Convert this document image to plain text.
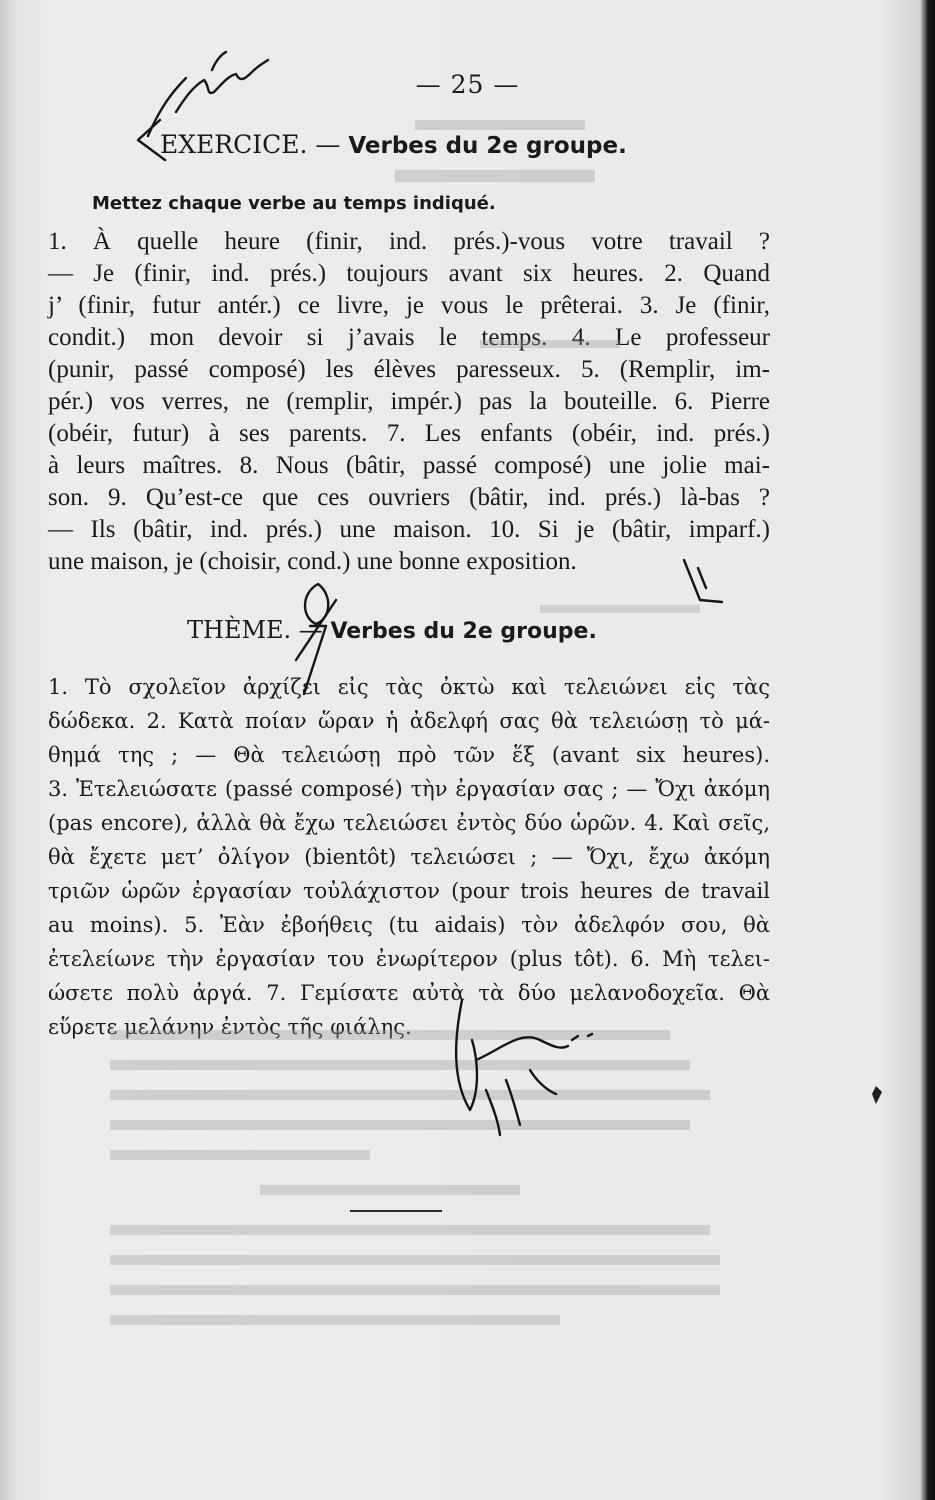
— 25 —
EXERCICE. — Verbes du 2e groupe.
Mettez chaque verbe au temps indiqué.
1. À quelle heure (finir, ind. prés.)-vous votre travail ?
— Je (finir, ind. prés.) toujours avant six heures. 2. Quand
j’ (finir, futur antér.) ce livre, je vous le prêterai. 3. Je (finir,
condit.) mon devoir si j’avais le temps. 4. Le professeur
(punir, passé composé) les élèves paresseux. 5. (Remplir, im-
pér.) vos verres, ne (remplir, impér.) pas la bouteille. 6. Pierre
(obéir, futur) à ses parents. 7. Les enfants (obéir, ind. prés.)
à leurs maîtres. 8. Nous (bâtir, passé composé) une jolie mai-
son. 9. Qu’est-ce que ces ouvriers (bâtir, ind. prés.) là-bas ?
— Ils (bâtir, ind. prés.) une maison. 10. Si je (bâtir, imparf.)
une maison, je (choisir, cond.) une bonne exposition.
THÈME. — Verbes du 2e groupe.
1. Τὸ σχολεῖον ἀρχίζει εἰς τὰς ὀκτὼ καὶ τελειώνει εἰς τὰς
δώδεκα. 2. Κατὰ ποίαν ὥραν ἡ ἀδελφή σας θὰ τελειώσῃ τὸ μά-
θημά της ; — Θὰ τελειώσῃ πρὸ τῶν ἕξ (avant six heures).
3. Ἐτελειώσατε (passé composé) τὴν ἐργασίαν σας ; — Ὄχι ἀκόμη
(pas encore), ἀλλὰ θὰ ἔχω τελειώσει ἐντὸς δύο ὡρῶν. 4. Καὶ σεῖς,
θὰ ἔχετε μετ’ ὀλίγον (bientôt) τελειώσει ; — Ὄχι, ἔχω ἀκόμη
τριῶν ὡρῶν ἐργασίαν τοὐλάχιστον (pour trois heures de travail
au moins). 5. Ἐὰν ἐβοήθεις (tu aidais) τὸν ἀδελφόν σου, θὰ
ἐτελείωνε τὴν ἐργασίαν του ἐνωρίτερον (plus tôt). 6. Μὴ τελει-
ώσετε πολὺ ἀργά. 7. Γεμίσατε αὐτὰ τὰ δύο μελανοδοχεῖα. Θὰ
εὕρετε μελάνην ἐντὸς τῆς φιάλης.
